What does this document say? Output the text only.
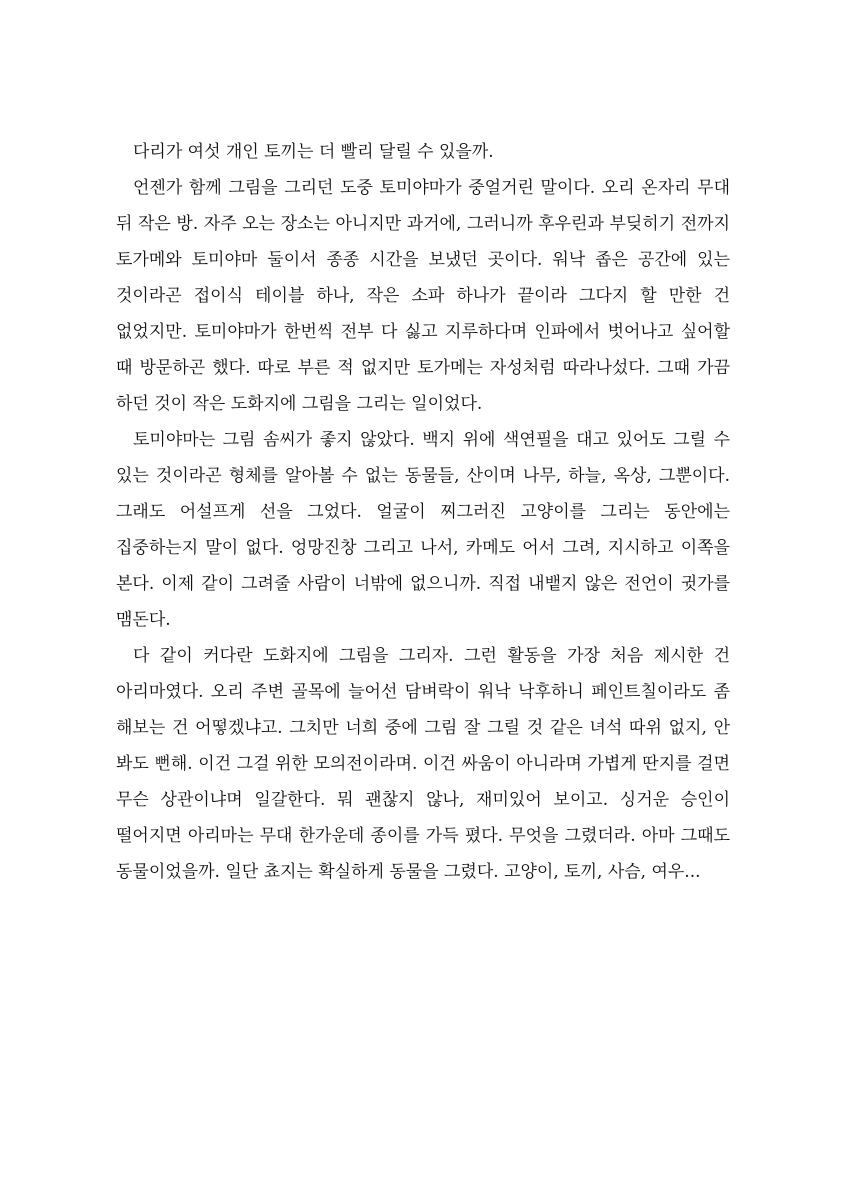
다리가 여섯 개인 토끼는 더 빨리 달릴 수 있을까.

언젠가 함께 그림을 그리던 도중 토미야마가 중얼거린 말이다. 오리 온자리 무대 뒤 작은 방. 자주 오는 장소는 아니지만 과거에, 그러니까 후우린과 부딪히기 전까지 토가메와 토미야마 둘이서 종종 시간을 보냈던 곳이다. 워낙 좁은 공간에 있는 것이라곤 접이식 테이블 하나, 작은 소파 하나가 끝이라 그다지 할 만한 건 없었지만. 토미야마가 한번씩 전부 다 싫고 지루하다며 인파에서 벗어나고 싶어할 때 방문하곤 했다. 따로 부른 적 없지만 토가메는 자성처럼 따라나섰다. 그때 가끔 하던 것이 작은 도화지에 그림을 그리는 일이었다.

토미야마는 그림 솜씨가 좋지 않았다. 백지 위에 색연필을 대고 있어도 그릴 수 있는 것이라곤 형체를 알아볼 수 없는 동물들, 산이며 나무, 하늘, 옥상, 그뿐이다. 그래도 어설프게 선을 그었다. 얼굴이 찌그러진 고양이를 그리는 동안에는 집중하는지 말이 없다. 엉망진창 그리고 나서, 카메도 어서 그려, 지시하고 이쪽을 본다. 이제 같이 그려줄 사람이 너밖에 없으니까. 직접 내뱉지 않은 전언이 귓가를 맴돈다.

다 같이 커다란 도화지에 그림을 그리자. 그런 활동을 가장 처음 제시한 건 아리마였다. 오리 주변 골목에 늘어선 담벼락이 워낙 낙후하니 페인트칠이라도 좀 해보는 건 어떻겠냐고. 그치만 너희 중에 그림 잘 그릴 것 같은 녀석 따위 없지, 안 봐도 뻔해. 이건 그걸 위한 모의전이라며. 이건 싸움이 아니라며 가볍게 딴지를 걸면 무슨 상관이냐며 일갈한다. 뭐 괜찮지 않나, 재미있어 보이고. 싱거운 승인이 떨어지면 아리마는 무대 한가운데 종이를 가득 폈다. 무엇을 그렸더라. 아마 그때도 동물이었을까. 일단 쵸지는 확실하게 동물을 그렸다. 고양이, 토끼, 사슴, 여우...
